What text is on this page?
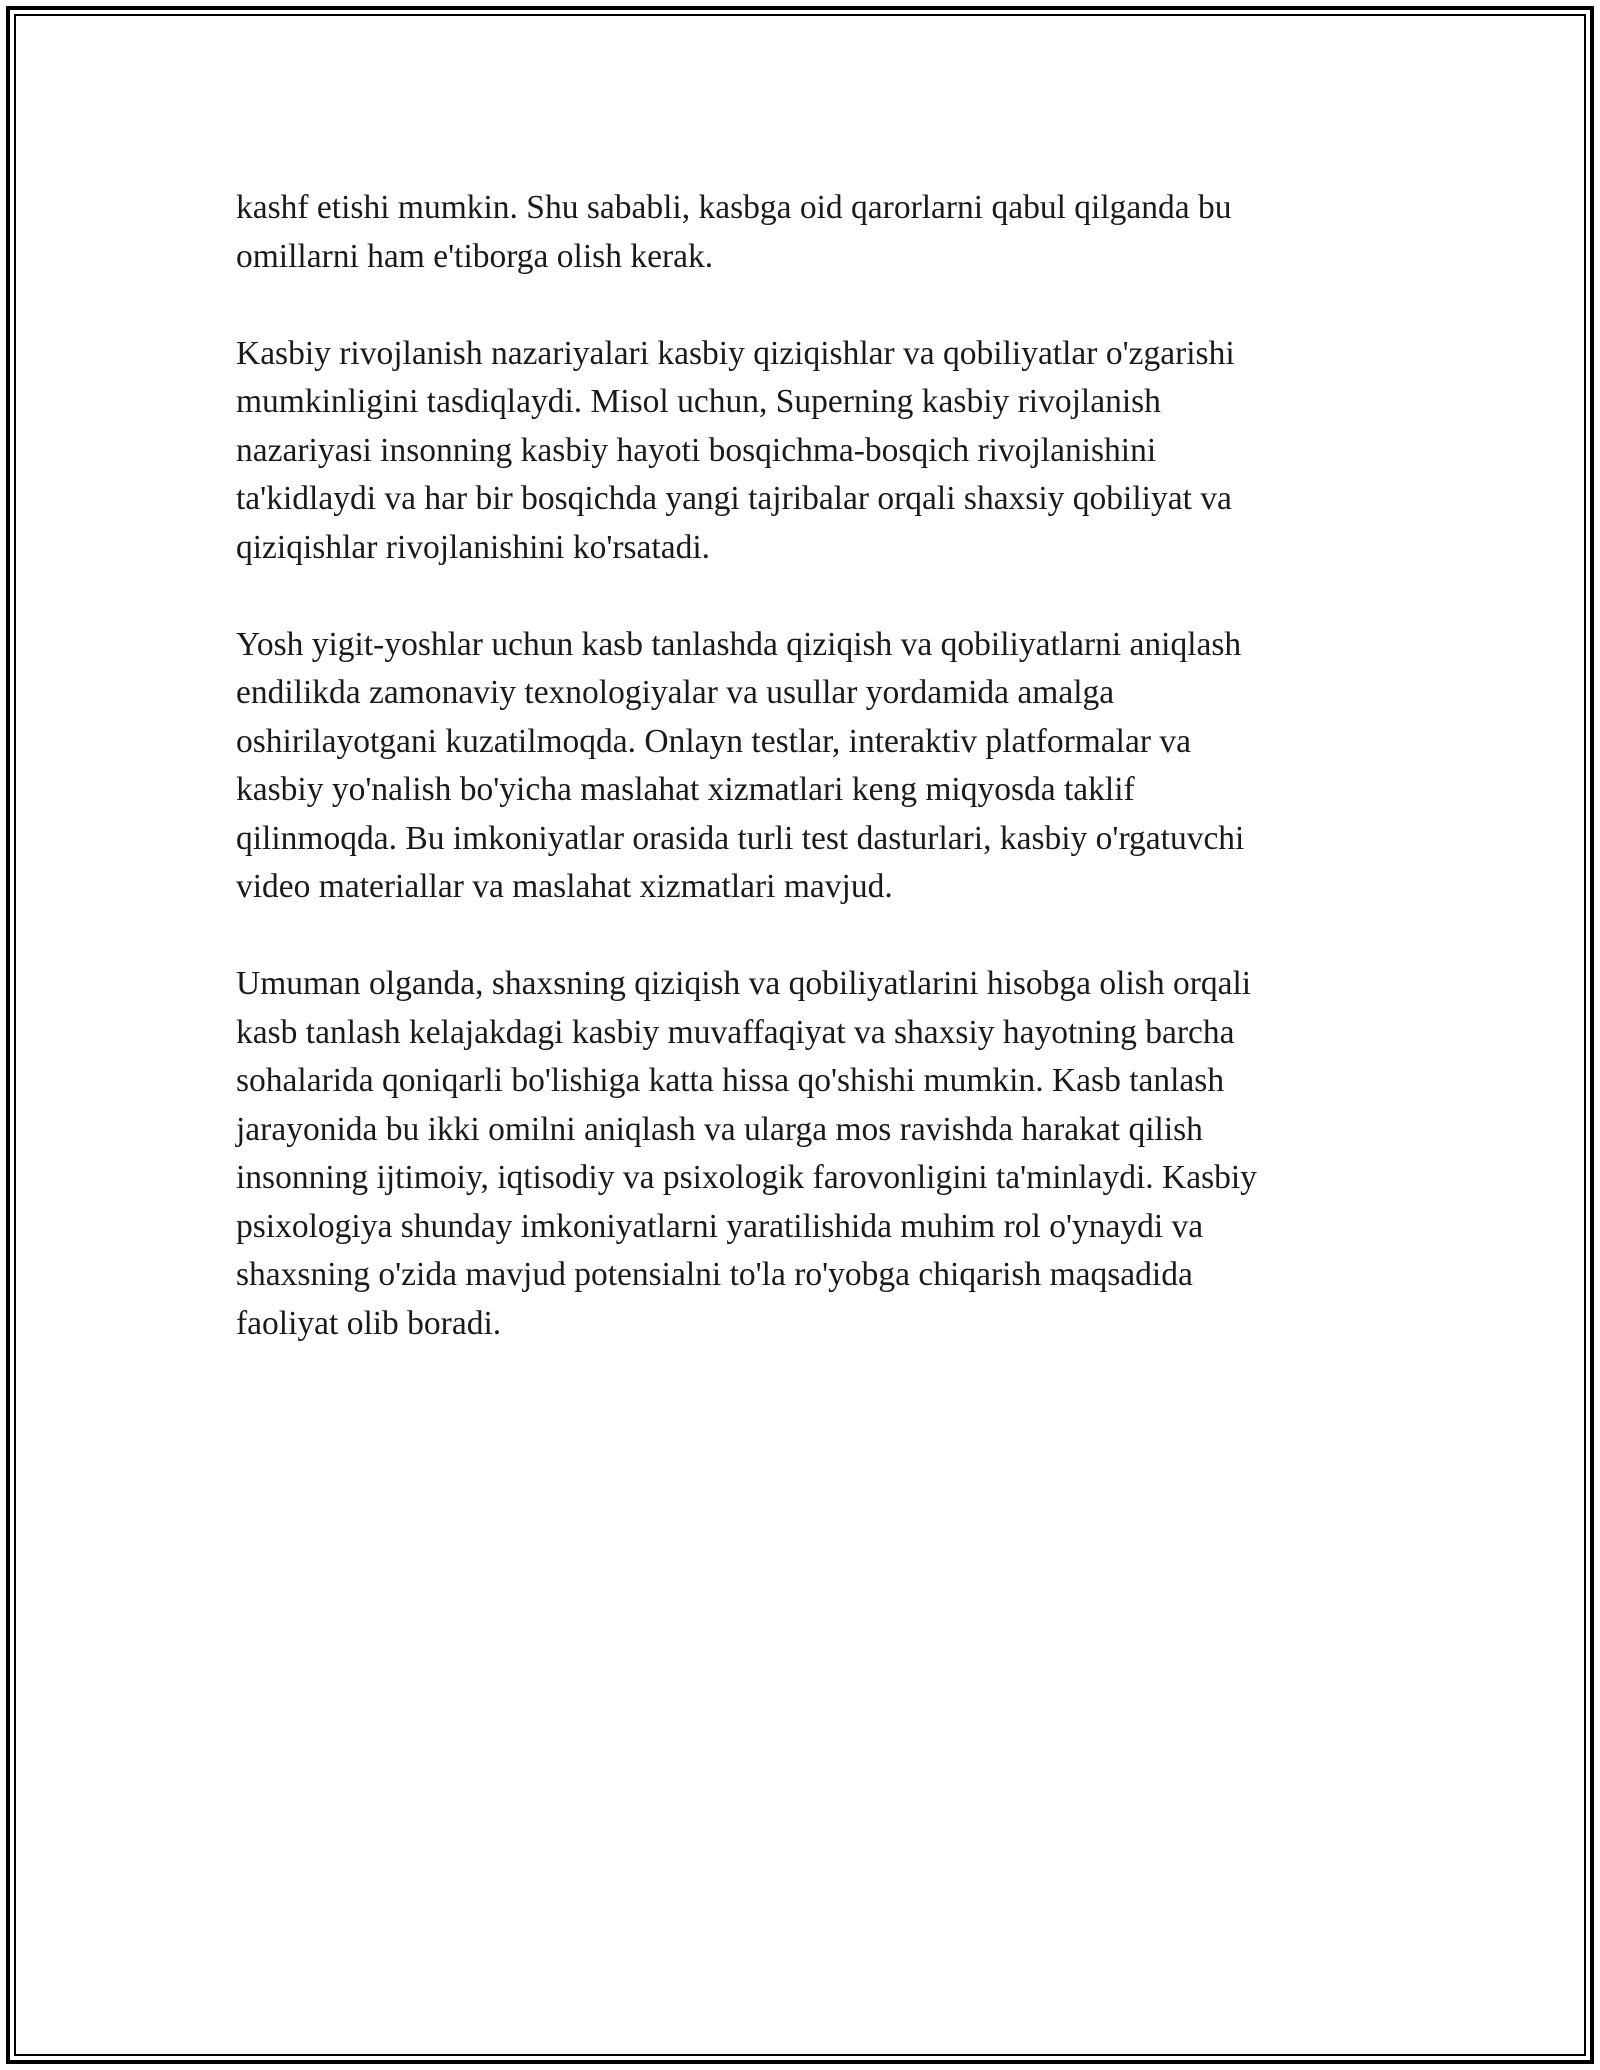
kashf etishi mumkin. Shu sababli, kasbga oid qarorlarni qabul qilganda bu
omillarni ham e'tiborga olish kerak.

Kasbiy rivojlanish nazariyalari kasbiy qiziqishlar va qobiliyatlar o'zgarishi
mumkinligini tasdiqlaydi. Misol uchun, Superning kasbiy rivojlanish
nazariyasi insonning kasbiy hayoti bosqichma-bosqich rivojlanishini
ta'kidlaydi va har bir bosqichda yangi tajribalar orqali shaxsiy qobiliyat va
qiziqishlar rivojlanishini ko'rsatadi.

Yosh yigit-yoshlar uchun kasb tanlashda qiziqish va qobiliyatlarni aniqlash
endilikda zamonaviy texnologiyalar va usullar yordamida amalga
oshirilayotgani kuzatilmoqda. Onlayn testlar, interaktiv platformalar va
kasbiy yo'nalish bo'yicha maslahat xizmatlari keng miqyosda taklif
qilinmoqda. Bu imkoniyatlar orasida turli test dasturlari, kasbiy o'rgatuvchi
video materiallar va maslahat xizmatlari mavjud.

Umuman olganda, shaxsning qiziqish va qobiliyatlarini hisobga olish orqali
kasb tanlash kelajakdagi kasbiy muvaffaqiyat va shaxsiy hayotning barcha
sohalarida qoniqarli bo'lishiga katta hissa qo'shishi mumkin. Kasb tanlash
jarayonida bu ikki omilni aniqlash va ularga mos ravishda harakat qilish
insonning ijtimoiy, iqtisodiy va psixologik farovonligini ta'minlaydi. Kasbiy
psixologiya shunday imkoniyatlarni yaratilishida muhim rol o'ynaydi va
shaxsning o'zida mavjud potensialni to'la ro'yobga chiqarish maqsadida
faoliyat olib boradi.
